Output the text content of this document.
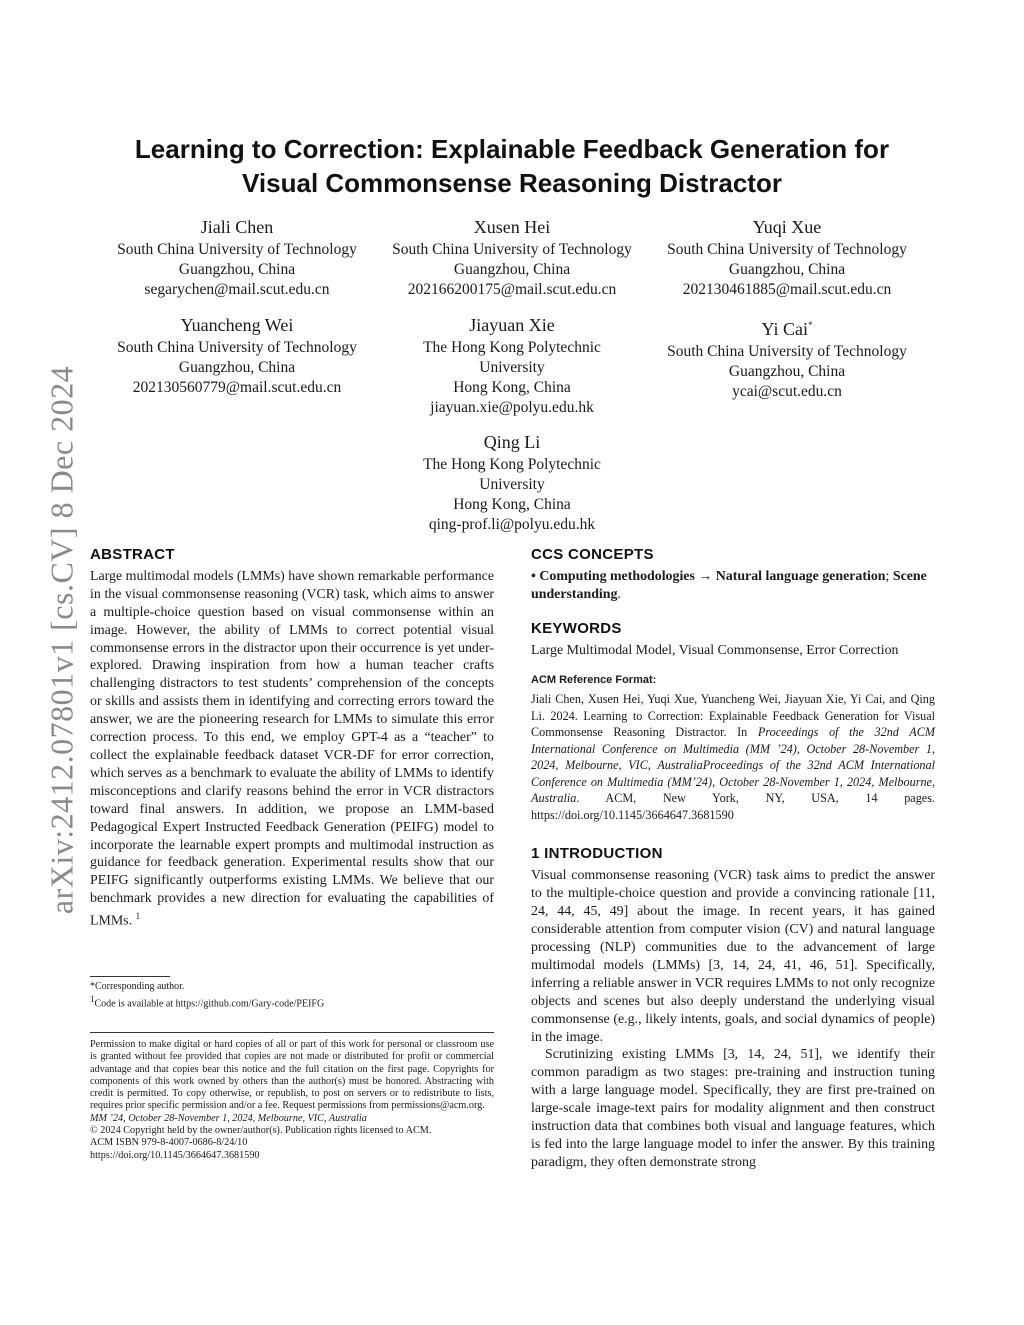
arXiv:2412.07801v1 [cs.CV] 8 Dec 2024
Learning to Correction: Explainable Feedback Generation for
Visual Commonsense Reasoning Distractor
Jiali Chen
South China University of Technology
Guangzhou, China
segarychen@mail.scut.edu.cn
Xusen Hei
South China University of Technology
Guangzhou, China
202166200175@mail.scut.edu.cn
Yuqi Xue
South China University of Technology
Guangzhou, China
202130461885@mail.scut.edu.cn
Yuancheng Wei
South China University of Technology
Guangzhou, China
202130560779@mail.scut.edu.cn
Jiayuan Xie
The Hong Kong Polytechnic
University
Hong Kong, China
jiayuan.xie@polyu.edu.hk
Yi Cai*
South China University of Technology
Guangzhou, China
ycai@scut.edu.cn
Qing Li
The Hong Kong Polytechnic
University
Hong Kong, China
qing-prof.li@polyu.edu.hk
ABSTRACT

Large multimodal models (LMMs) have shown remarkable performance in the visual commonsense reasoning (VCR) task, which aims to answer a multiple-choice question based on visual commonsense within an image. However, the ability of LMMs to correct potential visual commonsense errors in the distractor upon their occurrence is yet under-explored. Drawing inspiration from how a human teacher crafts challenging distractors to test students’ comprehension of the concepts or skills and assists them in identifying and correcting errors toward the answer, we are the pioneering research for LMMs to simulate this error correction process. To this end, we employ GPT-4 as a “teacher” to collect the explainable feedback dataset VCR-DF for error correction, which serves as a benchmark to evaluate the ability of LMMs to identify misconceptions and clarify reasons behind the error in VCR distractors toward final answers. In addition, we propose an LMM-based Pedagogical Expert Instructed Feedback Generation (PEIFG) model to incorporate the learnable expert prompts and multimodal instruction as guidance for feedback generation. Experimental results show that our PEIFG significantly outperforms existing LMMs. We believe that our benchmark provides a new direction for evaluating the capabilities of LMMs. $^1$

*Corresponding author.
$^1$Code is available at https://github.com/Gary-code/PEIFG
Permission to make digital or hard copies of all or part of this work for personal or classroom use is granted without fee provided that copies are not made or distributed for profit or commercial advantage and that copies bear this notice and the full citation on the first page. Copyrights for components of this work owned by others than the author(s) must be honored. Abstracting with credit is permitted. To copy otherwise, or republish, to post on servers or to redistribute to lists, requires prior specific permission and/or a fee. Request permissions from permissions@acm.org.
MM ’24, October 28-November 1, 2024, Melbourne, VIC, Australia
© 2024 Copyright held by the owner/author(s). Publication rights licensed to ACM.
ACM ISBN 979-8-4007-0686-8/24/10
https://doi.org/10.1145/3664647.3681590
CCS CONCEPTS

• Computing methodologies → Natural language generation; Scene understanding.

KEYWORDS

Large Multimodal Model, Visual Commonsense, Error Correction

ACM Reference Format:
Jiali Chen, Xusen Hei, Yuqi Xue, Yuancheng Wei, Jiayuan Xie, Yi Cai, and Qing Li. 2024. Learning to Correction: Explainable Feedback Generation for Visual Commonsense Reasoning Distractor. In Proceedings of the 32nd ACM International Conference on Multimedia (MM ’24), October 28-November 1, 2024, Melbourne, VIC, AustraliaProceedings of the 32nd ACM International Conference on Multimedia (MM’24), October 28-November 1, 2024, Melbourne, Australia. ACM, New York, NY, USA, 14 pages. https://doi.org/10.1145/3664647.3681590
1 INTRODUCTION

Visual commonsense reasoning (VCR) task aims to predict the answer to the multiple-choice question and provide a convincing rationale [11, 24, 44, 45, 49] about the image. In recent years, it has gained considerable attention from computer vision (CV) and natural language processing (NLP) communities due to the advancement of large multimodal models (LMMs) [3, 14, 24, 41, 46, 51]. Specifically, inferring a reliable answer in VCR requires LMMs to not only recognize objects and scenes but also deeply understand the underlying visual commonsense (e.g., likely intents, goals, and social dynamics of people) in the image.

Scrutinizing existing LMMs [3, 14, 24, 51], we identify their common paradigm as two stages: pre-training and instruction tuning with a large language model. Specifically, they are first pre-trained on large-scale image-text pairs for modality alignment and then construct instruction data that combines both visual and language features, which is fed into the large language model to infer the answer. By this training paradigm, they often demonstrate strong
